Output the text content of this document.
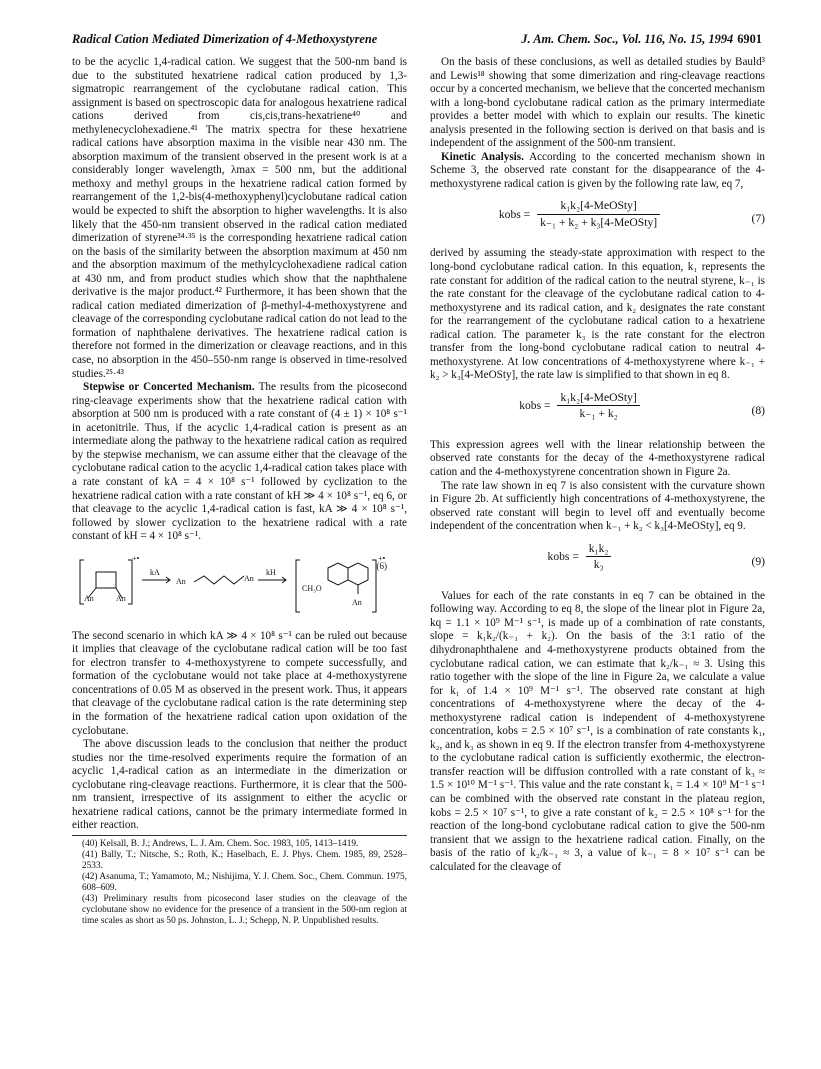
Radical Cation Mediated Dimerization of 4-Methoxystyrene	J. Am. Chem. Soc., Vol. 116, No. 15, 1994 6901

to be the acyclic 1,4-radical cation. We suggest that the 500-nm band is due to the substituted hexatriene radical cation produced by 1,3-sigmatropic rearrangement of the cyclobutane radical cation. This assignment is based on spectroscopic data for analogous hexatriene radical cations derived from cis,cis,trans-hexatriene⁴⁰ and methylenecyclohexadiene.⁴¹ The matrix spectra for these hexatriene radical cations have absorption maxima in the visible near 430 nm. The absorption maximum of the transient observed in the present work is at a considerably longer wavelength, λmax = 500 nm, but the additional methoxy and methyl groups in the hexatriene radical cation formed by rearrangement of the 1,2-bis(4-methoxyphenyl)cyclobutane radical cation would be expected to shift the absorption to higher wavelengths. It is also likely that the 450-nm transient observed in the radical cation mediated dimerization of styrene³⁴·³⁵ is the corresponding hexatriene radical cation on the basis of the similarity between the absorption maximum at 450 nm and the absorption maximum of the methylcyclohexadiene radical cation at 430 nm, and from product studies which show that the naphthalene derivative is the major product.⁴² Furthermore, it has been shown that the radical cation mediated dimerization of β-methyl-4-methoxystyrene and cleavage of the corresponding cyclobutane radical cation do not lead to the formation of naphthalene derivatives. The hexatriene radical cation is therefore not formed in the dimerization or cleavage reactions, and in this case, no absorption in the 450–550-nm range is observed in time-resolved studies.²⁵·⁴³

Stepwise or Concerted Mechanism. The results from the picosecond ring-cleavage experiments show that the hexatriene radical cation with absorption at 500 nm is produced with a rate constant of (4 ± 1) × 10⁸ s⁻¹ in acetonitrile. Thus, if the acyclic 1,4-radical cation is present as an intermediate along the pathway to the hexatriene radical cation as required by the stepwise mechanism, we can assume either that the cleavage of the cyclobutane radical cation to the acyclic 1,4-radical cation takes place with a rate constant of kA = 4 × 10⁸ s⁻¹ followed by cyclization to the hexatriene radical cation with a rate constant of kH ≫ 4 × 10⁸ s⁻¹, eq 6, or that cleavage to the acyclic 1,4-radical cation is fast, kA ≫ 4 × 10⁸ s⁻¹, followed by slower cyclization to the hexatriene radical with a rate constant of kH = 4 × 10⁸ s⁻¹.

An	An
+•
kA
An	An
kH
CH₃O
An
+•
(6)

The second scenario in which kA ≫ 4 × 10⁸ s⁻¹ can be ruled out because it implies that cleavage of the cyclobutane radical cation will be too fast for electron transfer to 4-methoxystyrene to compete successfully, and formation of the cyclobutane would not take place at 4-methoxystyrene concentrations of 0.05 M as observed in the present work. Thus, it appears that cleavage of the cyclobutane radical cation is the rate determining step in the formation of the hexatriene radical cation upon oxidation of the cyclobutane.

The above discussion leads to the conclusion that neither the product studies nor the time-resolved experiments require the formation of an acyclic 1,4-radical cation as an intermediate in the dimerization or cyclobutane ring-cleavage reactions. Furthermore, it is clear that the 500-nm transient, irrespective of its assignment to either the acyclic or hexatriene radical cations, cannot be the primary intermediate formed in either reaction.

(40) Kelsall, B. J.; Andrews, L. J. Am. Chem. Soc. 1983, 105, 1413–1419.

(41) Bally, T.; Nitsche, S.; Roth, K.; Haselbach, E. J. Phys. Chem. 1985, 89, 2528–2533.

(42) Asanuma, T.; Yamamoto, M.; Nishijima, Y. J. Chem. Soc., Chem. Commun. 1975, 608–609.

(43) Preliminary results from picosecond laser studies on the cleavage of the cyclobutane show no evidence for the presence of a transient in the 500-nm region at time scales as short as 50 ps. Johnston, L. J.; Schepp, N. P. Unpublished results.

On the basis of these conclusions, as well as detailed studies by Bauld³ and Lewis¹⁸ showing that some dimerization and ring-cleavage reactions occur by a concerted mechanism, we believe that the concerted mechanism with a long-bond cyclobutane radical cation as the primary intermediate provides a better model with which to explain our results. The kinetic analysis presented in the following section is derived on that basis and is independent of the assignment of the 500-nm transient.

Kinetic Analysis. According to the concerted mechanism shown in Scheme 3, the observed rate constant for the disappearance of the 4-methoxystyrene radical cation is given by the following rate law, eq 7,

kobs = $\frac{\text{k₁k₂[4-MeOSty]}}{\text{k₋₁ + k₂ + k₃[4-MeOSty]}}$	(7)

derived by assuming the steady-state approximation with respect to the long-bond cyclobutane radical cation. In this equation, k₁ represents the rate constant for addition of the radical cation to the neutral styrene, k₋₁ is the rate constant for the cleavage of the cyclobutane radical cation to 4-methoxystyrene and its radical cation, and k₂ designates the rate constant for the rearrangement of the cyclobutane radical cation to a hexatriene radical cation. The parameter k₃ is the rate constant for the electron transfer from the long-bond cyclobutane radical cation to neutral 4-methoxystyrene. At low concentrations of 4-methoxystyrene where k₋₁ + k₂ > k₃[4-MeOSty], the rate law is simplified to that shown in eq 8.

kobs = $\frac{\text{k₁k₂[4-MeOSty]}}{\text{k₋₁ + k₂}}$	(8)

This expression agrees well with the linear relationship between the observed rate constants for the decay of the 4-methoxystyrene radical cation and the 4-methoxystyrene concentration shown in Figure 2a.

The rate law shown in eq 7 is also consistent with the curvature shown in Figure 2b. At sufficiently high concentrations of 4-methoxystyrene, the observed rate constant will begin to level off and eventually become independent of the concentration when k₋₁ + k₂ < k₃[4-MeOSty], eq 9.

kobs = $\frac{\text{k₁k₂}}{\text{k₃}}$	(9)

Values for each of the rate constants in eq 7 can be obtained in the following way. According to eq 8, the slope of the linear plot in Figure 2a, kq = 1.1 × 10⁹ M⁻¹ s⁻¹, is made up of a combination of rate constants, slope = k₁k₂/(k₋₁ + k₂). On the basis of the 3:1 ratio of the dihydronaphthalene and 4-methoxystyrene products obtained from the cyclobutane radical cation, we can estimate that k₂/k₋₁ ≈ 3. Using this ratio together with the slope of the line in Figure 2a, we calculate a value for k₁ of 1.4 × 10⁹ M⁻¹ s⁻¹. The observed rate constant at high concentrations of 4-methoxystyrene where the decay of the 4-methoxystyrene radical cation is independent of 4-methoxystyrene concentration, kobs = 2.5 × 10⁷ s⁻¹, is a combination of rate constants k₁, k₂, and k₃ as shown in eq 9. If the electron transfer from 4-methoxystyrene to the cyclobutane radical cation is sufficiently exothermic, the electron-transfer reaction will be diffusion controlled with a rate constant of k₃ ≈ 1.5 × 10¹⁰ M⁻¹ s⁻¹. This value and the rate constant k₁ = 1.4 × 10⁹ M⁻¹ s⁻¹ can be combined with the observed rate constant in the plateau region, kobs = 2.5 × 10⁷ s⁻¹, to give a rate constant of k₂ = 2.5 × 10⁸ s⁻¹ for the reaction of the long-bond cyclobutane radical cation to give the 500-nm transient that we assign to the hexatriene radical cation. Finally, on the basis of the ratio of k₂/k₋₁ ≈ 3, a value of k₋₁ = 8 × 10⁷ s⁻¹ can be calculated for the cleavage of
